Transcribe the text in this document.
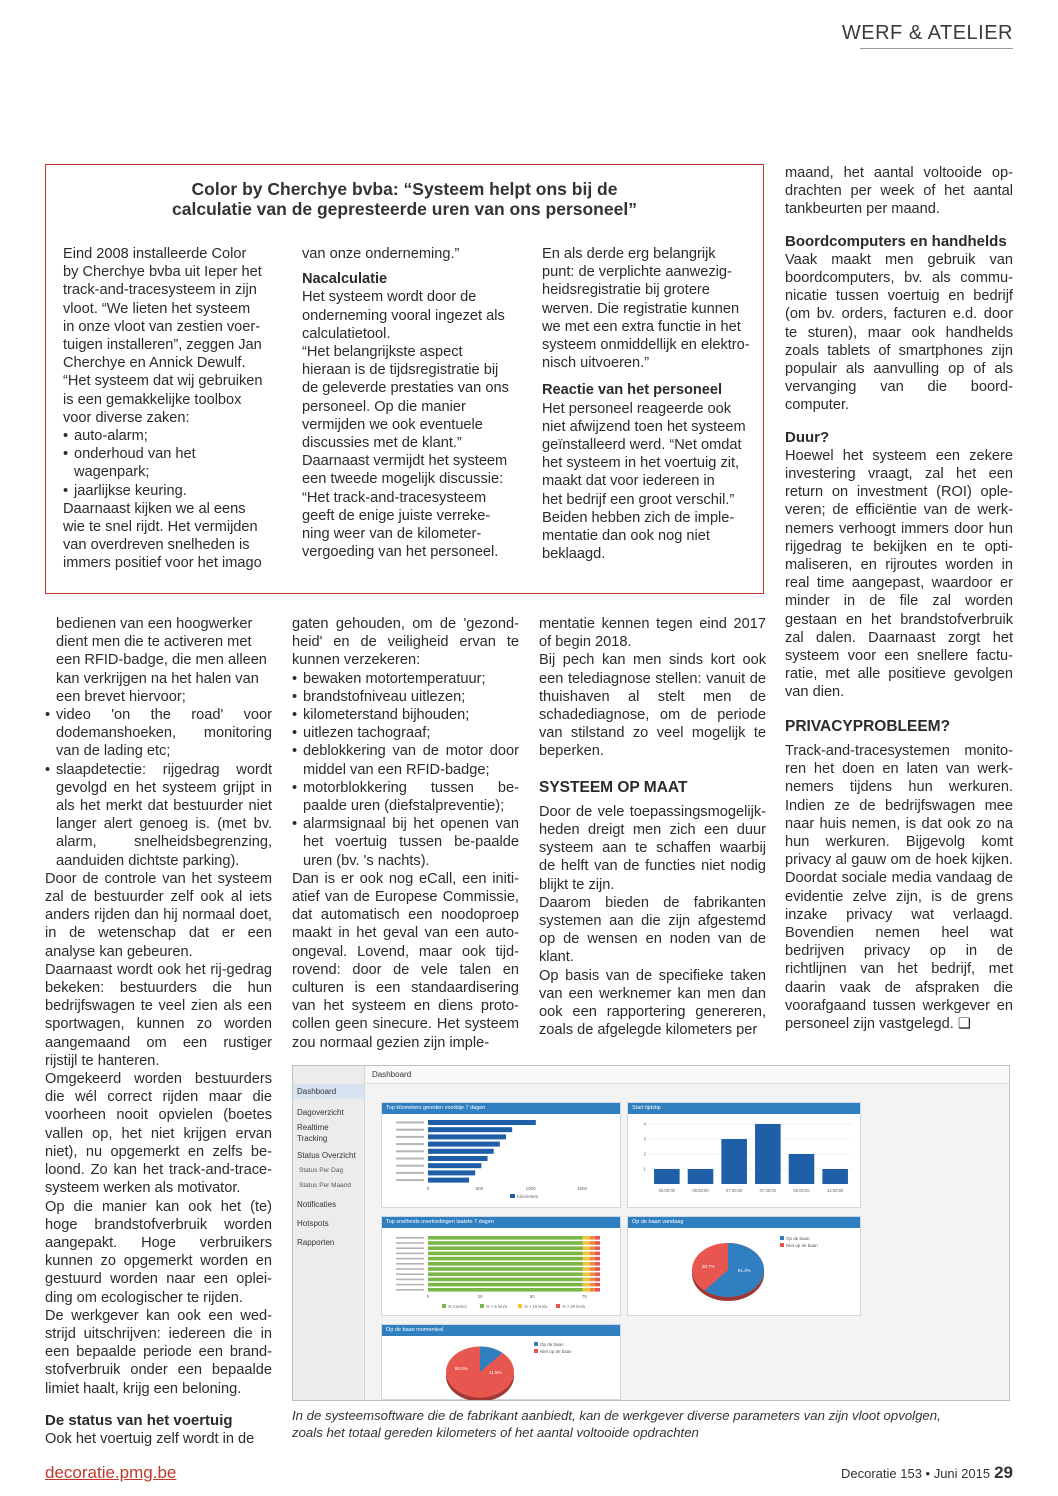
WERF & ATELIER
Color by Cherchye bvba: “Systeem helpt ons bij de
calculatie van de gepresteerde uren van ons personeel”
Eind 2008 installeerde Color
by Cherchye bvba uit Ieper het
track-and-tracesysteem in zijn
vloot. “We lieten het systeem
in onze vloot van zestien voer-
tuigen installeren”, zeggen Jan
Cherchye en Annick Dewulf.
“Het systeem dat wij gebruiken
is een gemakkelijke toolbox
voor diverse zaken:
• auto-alarm;
• onderhoud van het
wagenpark;
• jaarlijkse keuring.
Daarnaast kijken we al eens
wie te snel rijdt. Het vermijden
van overdreven snelheden is
immers positief voor het imago
van onze onderneming.”
Nacalculatie
Het systeem wordt door de
onderneming vooral ingezet als
calculatietool.
“Het belangrijkste aspect
hieraan is de tijdsregistratie bij
de geleverde prestaties van ons
personeel. Op die manier
vermijden we ook eventuele
discussies met de klant.”
Daarnaast vermijdt het systeem
een tweede mogelijk discussie:
“Het track-and-tracesysteem
geeft de enige juiste verreke-
ning weer van de kilometer-
vergoeding van het personeel.
En als derde erg belangrijk
punt: de verplichte aanwezig-
heidsregistratie bij grotere
werven. Die registratie kunnen
we met een extra functie in het
systeem onmiddellijk en elektro-
nisch uitvoeren.”
Reactie van het personeel
Het personeel reageerde ook
niet afwijzend toen het systeem
geïnstalleerd werd. “Net omdat
het systeem in het voertuig zit,
maakt dat voor iedereen in
het bedrijf een groot verschil.”
Beiden hebben zich de imple-
mentatie dan ook nog niet
beklaagd.
bedienen van een hoogwerker
dient men die te activeren met
een RFID-badge, die men alleen
kan verkrijgen na het halen van
een brevet hiervoor;
• video 'on the road' voor dodemanshoeken, monitoring van de lading etc;
• slaapdetectie: rijgedrag wordt gevolgd en het systeem grijpt in als het merkt dat bestuurder niet langer alert genoeg is. (met bv. alarm, snelheidsbegrenzing, aanduiden dichtste parking).
Door de controle van het systeem zal de bestuurder zelf ook al iets anders rijden dan hij normaal doet, in de wetenschap dat er een analyse kan gebeuren.
Daarnaast wordt ook het rij-gedrag bekeken: bestuurders die hun bedrijfswagen te veel zien als een sportwagen, kunnen zo worden aangemaand om een rustiger rijstijl te hanteren.
Omgekeerd worden bestuurders die wél correct rijden maar die voorheen nooit opvielen (boetes vallen op, het niet krijgen ervan niet), nu opgemerkt en zelfs be-loond. Zo kan het track-and-trace-systeem werken als motivator.
Op die manier kan ook het (te) hoge brandstofverbruik worden aangepakt. Hoge verbruikers kunnen zo opgemerkt worden en gestuurd worden naar een oplei-ding om ecologischer te rijden.
De werkgever kan ook een wed-strijd uitschrijven: iedereen die in een bepaalde periode een brand-stofverbruik onder een bepaalde limiet haalt, krijg een beloning.
De status van het voertuig
Ook het voertuig zelf wordt in de
gaten gehouden, om de 'gezond-heid' en de veiligheid ervan te kunnen verzekeren:
• bewaken motortemperatuur;
• brandstofniveau uitlezen;
• kilometerstand bijhouden;
• uitlezen tachograaf;
• deblokkering van de motor door middel van een RFID-badge;
• motorblokkering tussen be-paalde uren (diefstalpreventie);
• alarmsignaal bij het openen van het voertuig tussen be-paalde uren (bv. 's nachts).
Dan is er ook nog eCall, een initi-atief van de Europese Commissie, dat automatisch een noodoproep maakt in het geval van een auto-ongeval. Lovend, maar ook tijd-rovend: door de vele talen en culturen is een standaardisering van het systeem en diens proto-collen geen sinecure. Het systeem zou normaal gezien zijn imple-
mentatie kennen tegen eind 2017 of begin 2018.
Bij pech kan men sinds kort ook een telediagnose stellen: vanuit de thuishaven al stelt men de schadediagnose, om de periode van stilstand zo veel mogelijk te beperken.
SYSTEEM OP MAAT
Door de vele toepassingsmogelijk-heden dreigt men zich een duur systeem aan te schaffen waarbij de helft van de functies niet nodig blijkt te zijn.
Daarom bieden de fabrikanten systemen aan die zijn afgestemd op de wensen en noden van de klant.
Op basis van de specifieke taken van een werknemer kan men dan ook een rapportering genereren, zoals de afgelegde kilometers per
maand, het aantal voltooide op-drachten per week of het aantal tankbeurten per maand.
Boordcomputers en handhelds
Vaak maakt men gebruik van boordcomputers, bv. als commu-nicatie tussen voertuig en bedrijf (om bv. orders, facturen e.d. door te sturen), maar ook handhelds zoals tablets of smartphones zijn populair als aanvulling op of als vervanging van die boord-computer.
Duur?
Hoewel het systeem een zekere investering vraagt, zal het een return on investment (ROI) ople-veren; de efficiëntie van de werk-nemers verhoogt immers door hun rijgedrag te bekijken en te opti-maliseren, en rijroutes worden in real time aangepast, waardoor er minder in de file zal worden gestaan en het brandstofverbruik zal dalen. Daarnaast zorgt het systeem voor een snellere factu-ratie, met alle positieve gevolgen van dien.
PRIVACYPROBLEEM?
Track-and-tracesystemen monito-ren het doen en laten van werk-nemers tijdens hun werkuren. Indien ze de bedrijfswagen mee naar huis nemen, is dat ook zo na hun werkuren. Bijgevolg komt privacy al gauw om de hoek kijken. Doordat sociale media vandaag de evidentie zelve zijn, is de grens inzake privacy wat verlaagd. Bovendien nemen heel wat bedrijven privacy op in de richtlijnen van het bedrijf, met daarin vaak de afspraken die voorafgaand tussen werkgever en personeel zijn vastgelegd. ❑
Dashboard
Dagoverzicht
Realtime Tracking
Status Overzicht
Status Per Dag
Status Per Maand
Notificaties
Hotspots
Rapporten
Dashboard
Top kilometers gereden voorbije 7 dagen
0	500	1000	1500
Kilometers
Start tijdstip
1
2
3
4
05:00:00	06:00:00	07:00:00	07:30:00	08:00:00	12:00:00
Top snelheids overtredingen laatste 7 dagen
0	25	50	75
% Correct	% > 5 km/u	% > 10 km/u	% > 20 km/u
Op de baan vandaag
61.3%
38.7%
Op de baan
Niet op de baan
Op de baan momenteel
11.5%
88.5%
Op de baan
Niet op de baan
In de systeemsoftware die de fabrikant aanbiedt, kan de werkgever diverse parameters van zijn vloot opvolgen,
zoals het totaal gereden kilometers of het aantal voltooide opdrachten
decoratie.pmg.be	Decoratie 153 • Juni 2015 29
